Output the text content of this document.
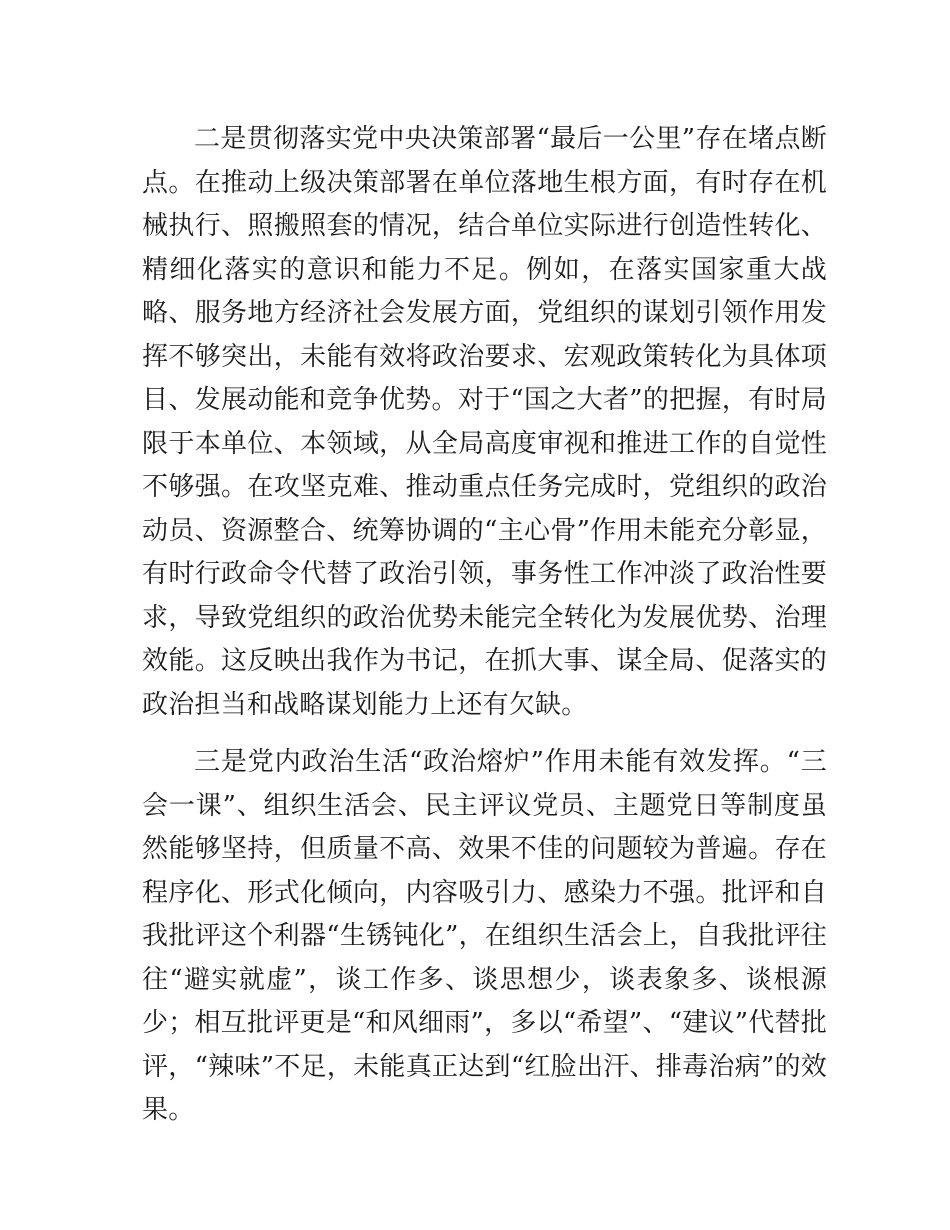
二是贯彻落实党中央决策部署“最后一公里”存在堵点断点。在推动上级决策部署在单位落地生根方面，有时存在机械执行、照搬照套的情况，结合单位实际进行创造性转化、精细化落实的意识和能力不足。例如，在落实国家重大战略、服务地方经济社会发展方面，党组织的谋划引领作用发挥不够突出，未能有效将政治要求、宏观政策转化为具体项目、发展动能和竞争优势。对于“国之大者”的把握，有时局限于本单位、本领域，从全局高度审视和推进工作的自觉性不够强。在攻坚克难、推动重点任务完成时，党组织的政治动员、资源整合、统筹协调的“主心骨”作用未能充分彰显，有时行政命令代替了政治引领，事务性工作冲淡了政治性要求，导致党组织的政治优势未能完全转化为发展优势、治理效能。这反映出我作为书记，在抓大事、谋全局、促落实的政治担当和战略谋划能力上还有欠缺。

三是党内政治生活“政治熔炉”作用未能有效发挥。“三会一课”、组织生活会、民主评议党员、主题党日等制度虽然能够坚持，但质量不高、效果不佳的问题较为普遍。存在程序化、形式化倾向，内容吸引力、感染力不强。批评和自我批评这个利器“生锈钝化”，在组织生活会上，自我批评往往“避实就虚”，谈工作多、谈思想少，谈表象多、谈根源少；相互批评更是“和风细雨”，多以“希望”、“建议”代替批评，“辣味”不足，未能真正达到“红脸出汗、排毒治病”的效果。
